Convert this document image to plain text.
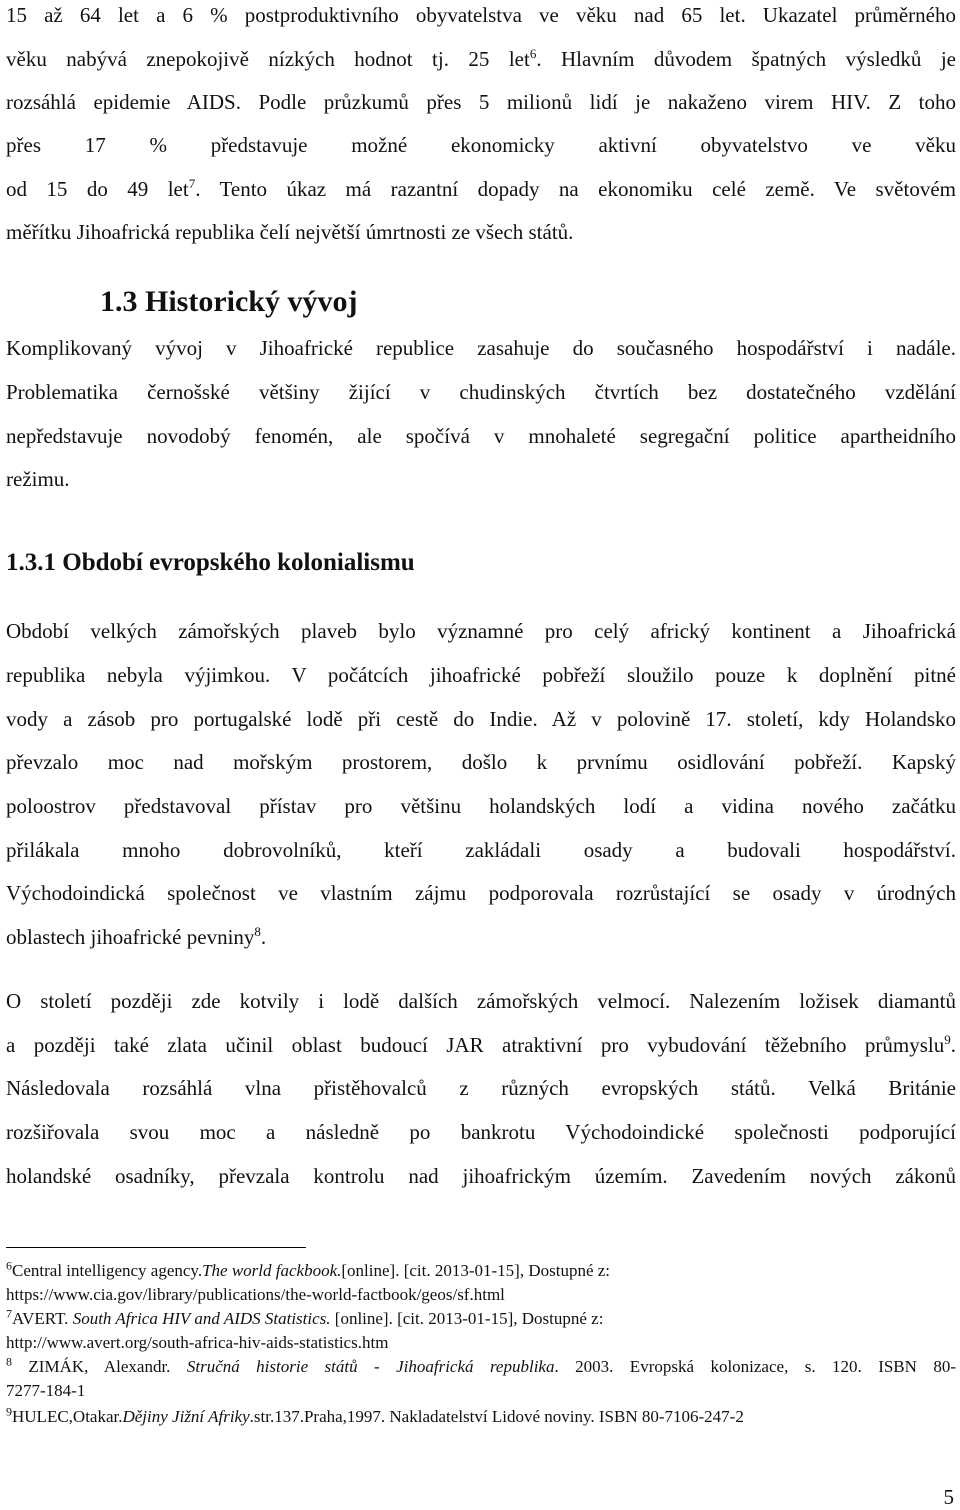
15 až 64 let a 6 % postproduktivního obyvatelstva ve věku nad 65 let. Ukazatel průměrného
věku nabývá znepokojivě nízkých hodnot tj. 25 let$^6$. Hlavním důvodem špatných výsledků je
rozsáhlá epidemie AIDS. Podle průzkumů přes 5 milionů lidí je nakaženo virem HIV. Z toho
přes 17 % představuje možné ekonomicky aktivní obyvatelstvo ve věku
od 15 do 49 let$^7$. Tento úkaz má razantní dopady na ekonomiku celé země. Ve světovém
měřítku Jihoafrická republika čelí největší úmrtnosti ze všech států.
1.3 Historický vývoj
Komplikovaný vývoj v Jihoafrické republice zasahuje do současného hospodářství i nadále.
Problematika černošské většiny žijící v chudinských čtvrtích bez dostatečného vzdělání
nepředstavuje novodobý fenomén, ale spočívá v mnohaleté segregační politice apartheidního
režimu.
1.3.1 Období evropského kolonialismu
Období velkých zámořských plaveb bylo významné pro celý africký kontinent a Jihoafrická
republika nebyla výjimkou. V počátcích jihoafrické pobřeží sloužilo pouze k doplnění pitné
vody a zásob pro portugalské lodě při cestě do Indie. Až v polovině 17. století, kdy Holandsko
převzalo moc nad mořským prostorem, došlo k prvnímu osidlování pobřeží. Kapský
poloostrov představoval přístav pro většinu holandských lodí a vidina nového začátku
přilákala mnoho dobrovolníků, kteří zakládali osady a budovali hospodářství.
Východoindická společnost ve vlastním zájmu podporovala rozrůstající se osady v úrodných
oblastech jihoafrické pevniny$^8$.
O století později zde kotvily i lodě dalších zámořských velmocí. Nalezením ložisek diamantů
a později také zlata učinil oblast budoucí JAR atraktivní pro vybudování těžebního průmyslu$^9$.
Následovala rozsáhlá vlna přistěhovalců z různých evropských států. Velká Británie
rozšiřovala svou moc a následně po bankrotu Východoindické společnosti podporující
holandské osadníky, převzala kontrolu nad jihoafrickým územím. Zavedením nových zákonů
$^6$Central intelligency agency.The world fackbook.[online]. [cit. 2013-01-15], Dostupné z:
https://www.cia.gov/library/publications/the-world-factbook/geos/sf.html
$^7$AVERT. South Africa HIV and AIDS Statistics. [online]. [cit. 2013-01-15], Dostupné z:
http://www.avert.org/south-africa-hiv-aids-statistics.htm
$^8$ ZIMÁK, Alexandr. Stručná historie států - Jihoafrická republika. 2003. Evropská kolonizace, s. 120. ISBN 80-
7277-184-1
$^9$HULEC,Otakar.Dějiny Jižní Afriky.str.137.Praha,1997. Nakladatelství Lidové noviny. ISBN 80-7106-247-2
5
